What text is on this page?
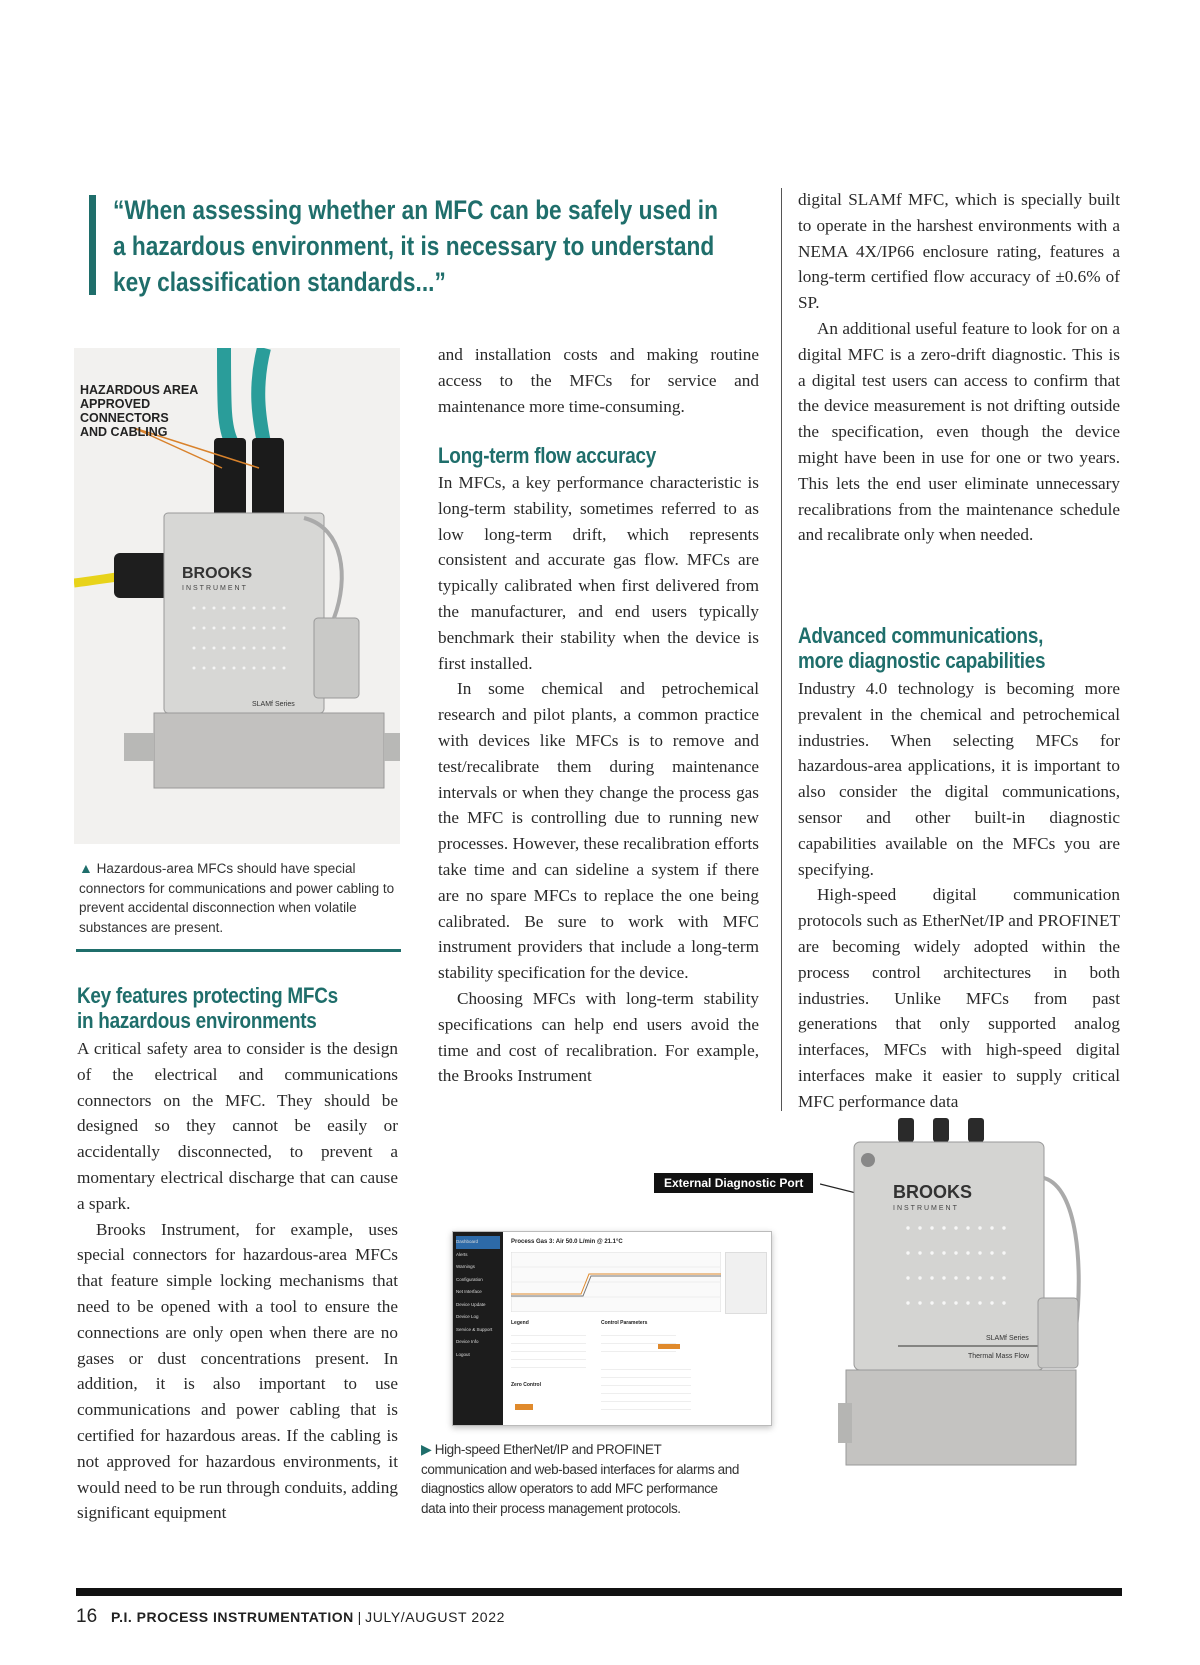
“When assessing whether an MFC can be safely used in a hazardous environment, it is necessary to understand key classification standards...”
BROOKS
INSTRUMENT
SLAMf Series
HAZARDOUS AREA APPROVED CONNECTORS AND CABLING
▲ Hazardous-area MFCs should have special connectors for communications and power cabling to prevent accidental disconnection when volatile substances are present.
Key features protecting MFCs
in hazardous environments

A critical safety area to consider is the design of the electrical and communications connectors on the MFC. They should be designed so they cannot be easily or accidentally disconnected, to prevent a momentary electrical discharge that can cause a spark.

Brooks Instrument, for example, uses special connectors for hazardous-area MFCs that feature simple locking mechanisms that need to be opened with a tool to ensure the connections are only open when there are no gases or dust concentrations present. In addition, it is also important to use communications and power cabling that is certified for hazardous areas. If the cabling is not approved for hazardous environments, it would need to be run through conduits, adding significant equipment

and installation costs and making routine access to the MFCs for service and maintenance more time-consuming.

Long-term flow accuracy

In MFCs, a key performance characteristic is long-term stability, sometimes referred to as low long-term drift, which represents consistent and accurate gas flow. MFCs are typically calibrated when first delivered from the manufacturer, and end users typically benchmark their stability when the device is first installed.

In some chemical and petrochemical research and pilot plants, a common practice with devices like MFCs is to remove and test/recalibrate them during maintenance intervals or when they change the process gas the MFC is controlling due to running new processes. However, these recalibration efforts take time and can sideline a system if there are no spare MFCs to replace the one being calibrated. Be sure to work with MFC instrument providers that include a long-term stability specification for the device.

Choosing MFCs with long-term stability specifications can help end users avoid the time and cost of recalibration. For example, the Brooks Instrument

digital SLAMf MFC, which is specially built to operate in the harshest environments with a NEMA 4X/IP66 enclosure rating, features a long-term certified flow accuracy of ±0.6% of SP.

An additional useful feature to look for on a digital MFC is a zero-drift diagnostic. This is a digital test users can access to confirm that the device measurement is not drifting outside the specification, even though the device might have been in use for one or two years. This lets the end user eliminate unnecessary recalibrations from the maintenance schedule and recalibrate only when needed.

Advanced communications,
more diagnostic capabilities

Industry 4.0 technology is becoming more prevalent in the chemical and petrochemical industries. When selecting MFCs for hazardous-area applications, it is important to also consider the digital communications, sensor and other built-in diagnostic capabilities available on the MFCs you are specifying.

High-speed digital communication protocols such as EtherNet/IP and PROFINET are becoming widely adopted within the process control architectures in both industries. Unlike MFCs from past generations that only supported analog interfaces, MFCs with high-speed digital interfaces make it easier to supply critical MFC performance data

External Diagnostic Port
Dashboard
Alerts
Warnings
Configuration
Net Interface
Device Update
Device Log
Service & Support
Device Info
Logout
Process Gas 3: Air 50.0 L/min @ 21.1°C
Legend	Control Parameters
Zero Control
BROOKS
INSTRUMENT
SLAMf Series
Thermal Mass Flow
▶ High-speed EtherNet/IP and PROFINET communication and web-based interfaces for alarms and diagnostics allow operators to add MFC performance data into their process management protocols.
16 P.I. PROCESS INSTRUMENTATION | JULY/AUGUST 2022
